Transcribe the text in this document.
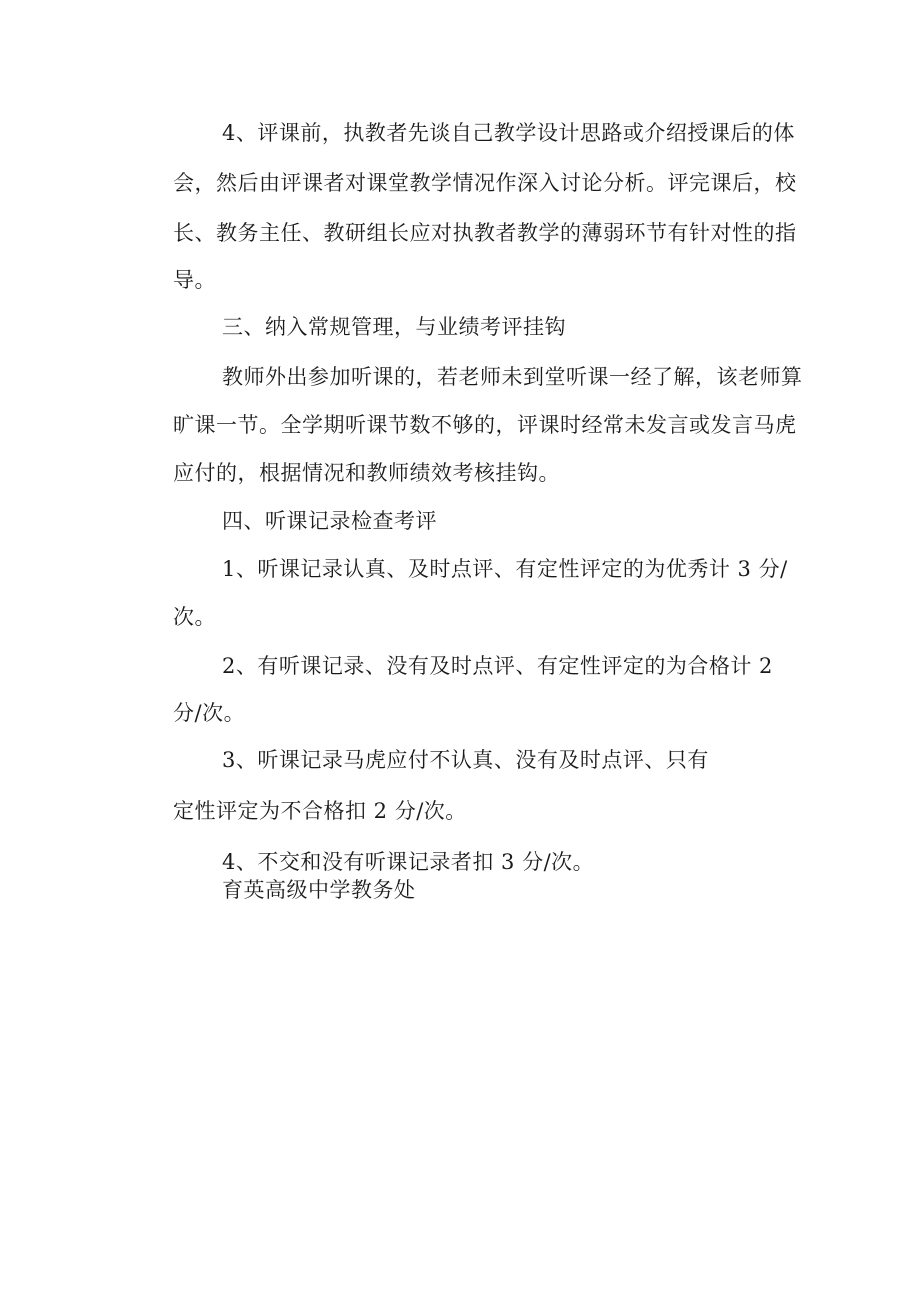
4、评课前，执教者先谈自己教学设计思路或介绍授课后的体
会，然后由评课者对课堂教学情况作深入讨论分析。评完课后，校
长、教务主任、教研组长应对执教者教学的薄弱环节有针对性的指
导。
三、纳入常规管理，与业绩考评挂钩
教师外出参加听课的，若老师未到堂听课一经了解，该老师算
旷课一节。全学期听课节数不够的，评课时经常未发言或发言马虎
应付的，根据情况和教师绩效考核挂钩。
四、听课记录检查考评
1、听课记录认真、及时点评、有定性评定的为优秀计 3 分/
次。
2、有听课记录、没有及时点评、有定性评定的为合格计 2
分/次。
3、听课记录马虎应付不认真、没有及时点评、只有
定性评定为不合格扣 2 分/次。
4、不交和没有听课记录者扣 3 分/次。
育英高级中学教务处
